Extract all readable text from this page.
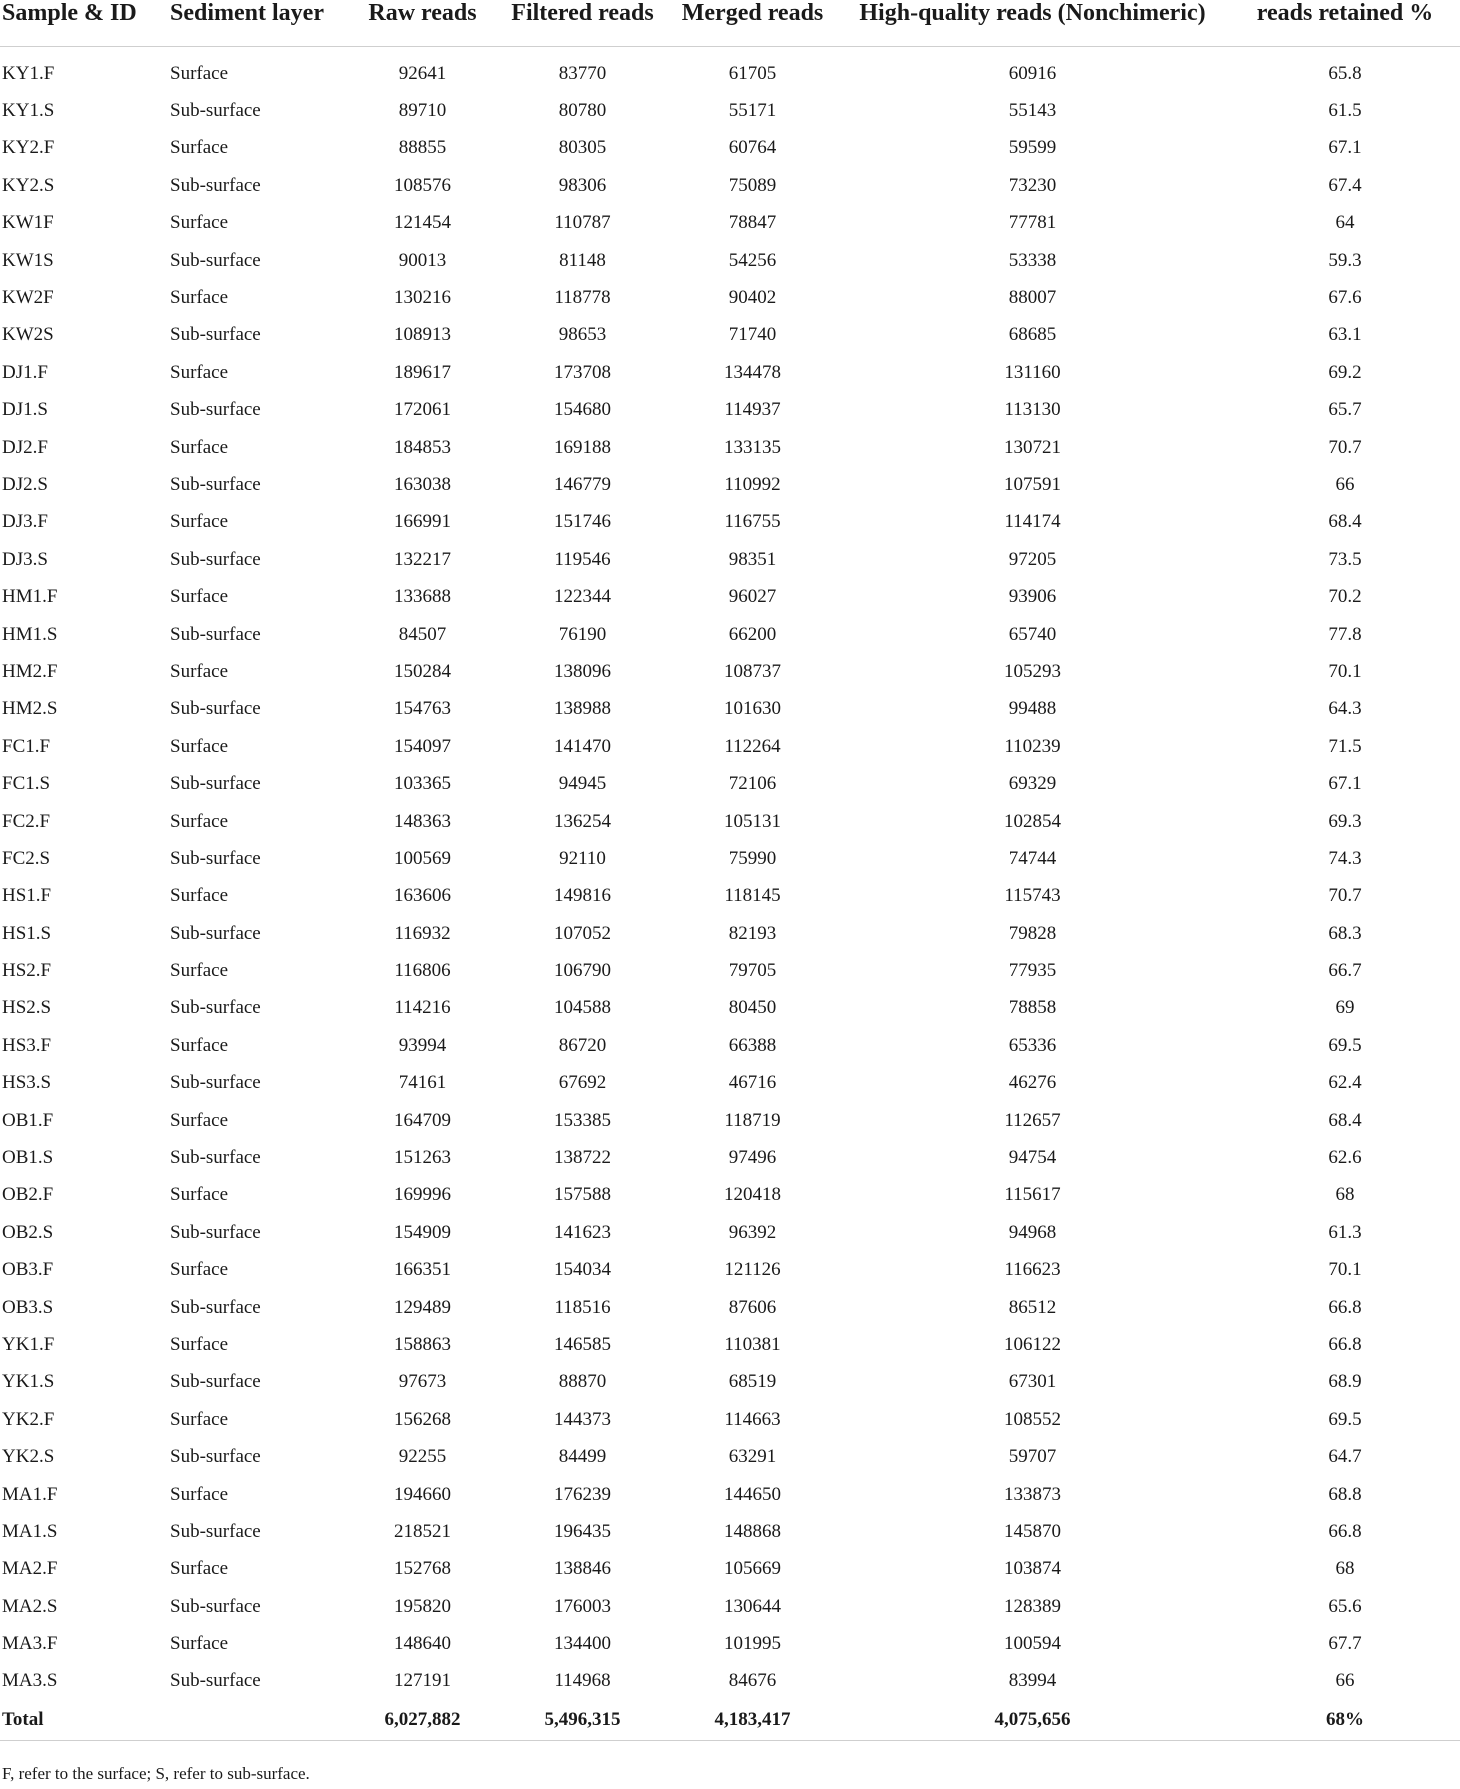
Sample & ID	Sediment layer	Raw reads	Filtered reads	Merged reads	High-quality reads (Nonchimeric)	reads retained %

KY1.F	Surface	92641	83770	61705	60916	65.8
KY1.S	Sub-surface	89710	80780	55171	55143	61.5
KY2.F	Surface	88855	80305	60764	59599	67.1
KY2.S	Sub-surface	108576	98306	75089	73230	67.4
KW1F	Surface	121454	110787	78847	77781	64
KW1S	Sub-surface	90013	81148	54256	53338	59.3
KW2F	Surface	130216	118778	90402	88007	67.6
KW2S	Sub-surface	108913	98653	71740	68685	63.1
DJ1.F	Surface	189617	173708	134478	131160	69.2
DJ1.S	Sub-surface	172061	154680	114937	113130	65.7
DJ2.F	Surface	184853	169188	133135	130721	70.7
DJ2.S	Sub-surface	163038	146779	110992	107591	66
DJ3.F	Surface	166991	151746	116755	114174	68.4
DJ3.S	Sub-surface	132217	119546	98351	97205	73.5
HM1.F	Surface	133688	122344	96027	93906	70.2
HM1.S	Sub-surface	84507	76190	66200	65740	77.8
HM2.F	Surface	150284	138096	108737	105293	70.1
HM2.S	Sub-surface	154763	138988	101630	99488	64.3
FC1.F	Surface	154097	141470	112264	110239	71.5
FC1.S	Sub-surface	103365	94945	72106	69329	67.1
FC2.F	Surface	148363	136254	105131	102854	69.3
FC2.S	Sub-surface	100569	92110	75990	74744	74.3
HS1.F	Surface	163606	149816	118145	115743	70.7
HS1.S	Sub-surface	116932	107052	82193	79828	68.3
HS2.F	Surface	116806	106790	79705	77935	66.7
HS2.S	Sub-surface	114216	104588	80450	78858	69
HS3.F	Surface	93994	86720	66388	65336	69.5
HS3.S	Sub-surface	74161	67692	46716	46276	62.4
OB1.F	Surface	164709	153385	118719	112657	68.4
OB1.S	Sub-surface	151263	138722	97496	94754	62.6
OB2.F	Surface	169996	157588	120418	115617	68
OB2.S	Sub-surface	154909	141623	96392	94968	61.3
OB3.F	Surface	166351	154034	121126	116623	70.1
OB3.S	Sub-surface	129489	118516	87606	86512	66.8
YK1.F	Surface	158863	146585	110381	106122	66.8
YK1.S	Sub-surface	97673	88870	68519	67301	68.9
YK2.F	Surface	156268	144373	114663	108552	69.5
YK2.S	Sub-surface	92255	84499	63291	59707	64.7
MA1.F	Surface	194660	176239	144650	133873	68.8
MA1.S	Sub-surface	218521	196435	148868	145870	66.8
MA2.F	Surface	152768	138846	105669	103874	68
MA2.S	Sub-surface	195820	176003	130644	128389	65.6
MA3.F	Surface	148640	134400	101995	100594	67.7
MA3.S	Sub-surface	127191	114968	84676	83994	66
Total		6,027,882	5,496,315	4,183,417	4,075,656	68%
F, refer to the surface; S, refer to sub-surface.
